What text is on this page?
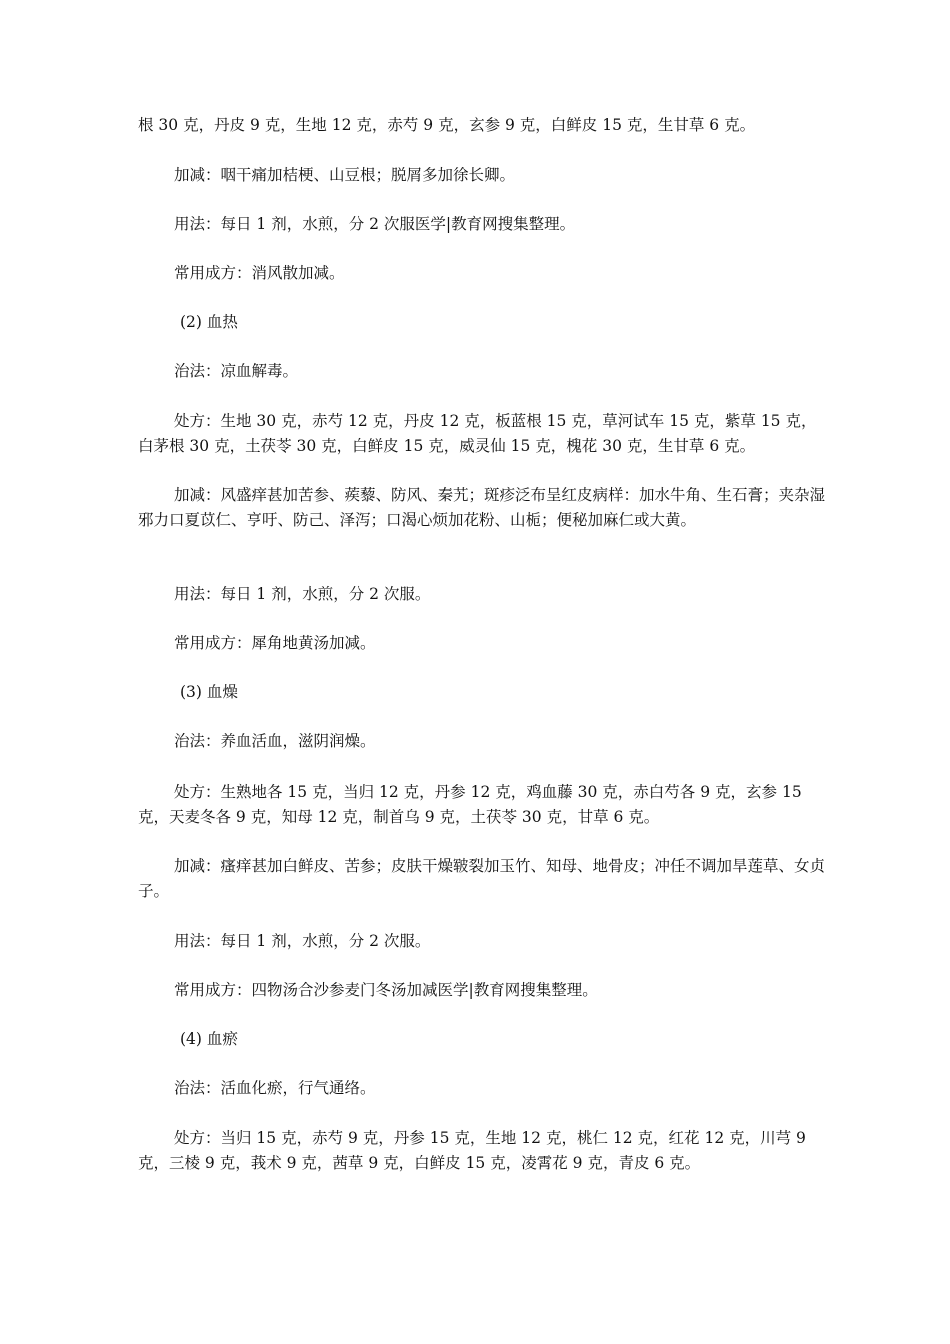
根 30 克，丹皮 9 克，生地 12 克，赤芍 9 克，玄参 9 克，白鲜皮 15 克，生甘草 6 克。

加减：咽干痛加桔梗、山豆根；脱屑多加徐长卿。

用法：每日 1 剂，水煎，分 2 次服医学|教育网搜集整理。

常用成方：消风散加减。

(2) 血热

治法：凉血解毒。

处方：生地 30 克，赤芍 12 克，丹皮 12 克，板蓝根 15 克，草河试车 15 克，紫草 15 克，白茅根 30 克，土茯苓 30 克，白鲜皮 15 克，威灵仙 15 克，槐花 30 克，生甘草 6 克。

加减：风盛痒甚加苦参、蒺藜、防风、秦艽；斑疹泛布呈红皮病样：加水牛角、生石膏；夹杂湿邪力口夏苡仁、亨吁、防己、泽泻；口渴心烦加花粉、山栀；便秘加麻仁或大黄。

用法：每日 1 剂，水煎，分 2 次服。

常用成方：犀角地黄汤加减。

(3) 血燥

治法：养血活血，滋阴润燥。

处方：生熟地各 15 克，当归 12 克，丹参 12 克，鸡血藤 30 克，赤白芍各 9 克，玄参 15 克，天麦冬各 9 克，知母 12 克，制首乌 9 克，土茯苓 30 克，甘草 6 克。

加减：瘙痒甚加白鲜皮、苦参；皮肤干燥皲裂加玉竹、知母、地骨皮；冲任不调加旱莲草、女贞子。

用法：每日 1 剂，水煎，分 2 次服。

常用成方：四物汤合沙参麦门冬汤加减医学|教育网搜集整理。

(4) 血瘀

治法：活血化瘀，行气通络。

处方：当归 15 克，赤芍 9 克，丹参 15 克，生地 12 克，桃仁 12 克，红花 12 克，川芎 9 克，三棱 9 克，莪术 9 克，茜草 9 克，白鲜皮 15 克，凌霄花 9 克，青皮 6 克。
